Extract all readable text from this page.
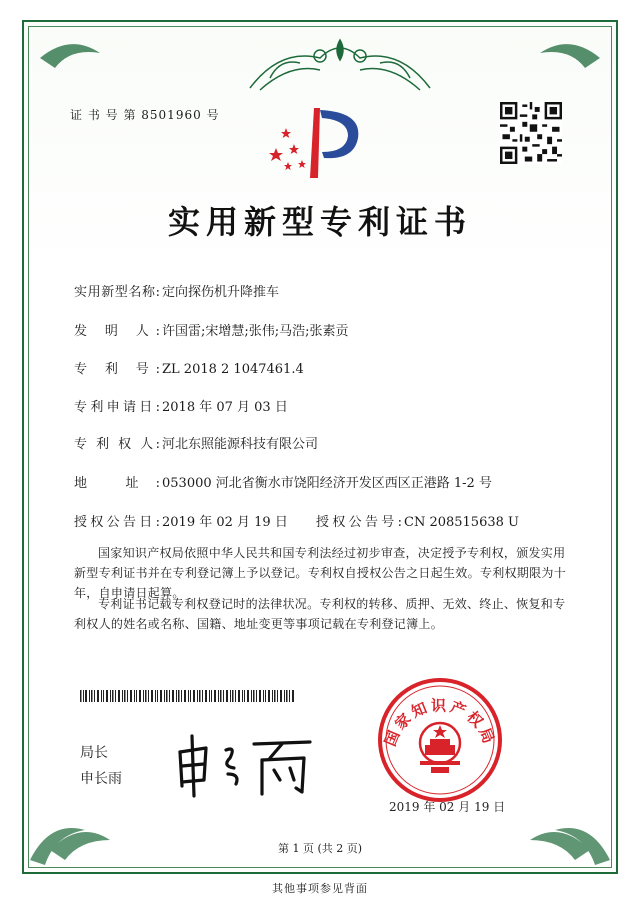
证 书 号 第 8501960 号
实用新型专利证书
实用新型名称: 定向探伤机升降推车
发 明 人: 许国雷;宋增慧;张伟;马浩;张素贡
专 利 号: ZL 2018 2 1047461.4
专利申请日: 2018 年 07 月 03 日
专 利 权 人: 河北东照能源科技有限公司
地 址: 053000 河北省衡水市饶阳经济开发区西区正港路 1-2 号
授权公告日: 2019 年 02 月 19 日 授权公告号: CN 208515638 U
国家知识产权局依照中华人民共和国专利法经过初步审查，决定授予专利权，颁发实用新型专利证书并在专利登记簿上予以登记。专利权自授权公告之日起生效。专利权期限为十年，自申请日起算。
专利证书记载专利权登记时的法律状况。专利权的转移、质押、无效、终止、恢复和专利权人的姓名或名称、国籍、地址变更等事项记载在专利登记簿上。
局长
申长雨
国家知识产权局
2019 年 02 月 19 日
第 1 页 (共 2 页)
其他事项参见背面
